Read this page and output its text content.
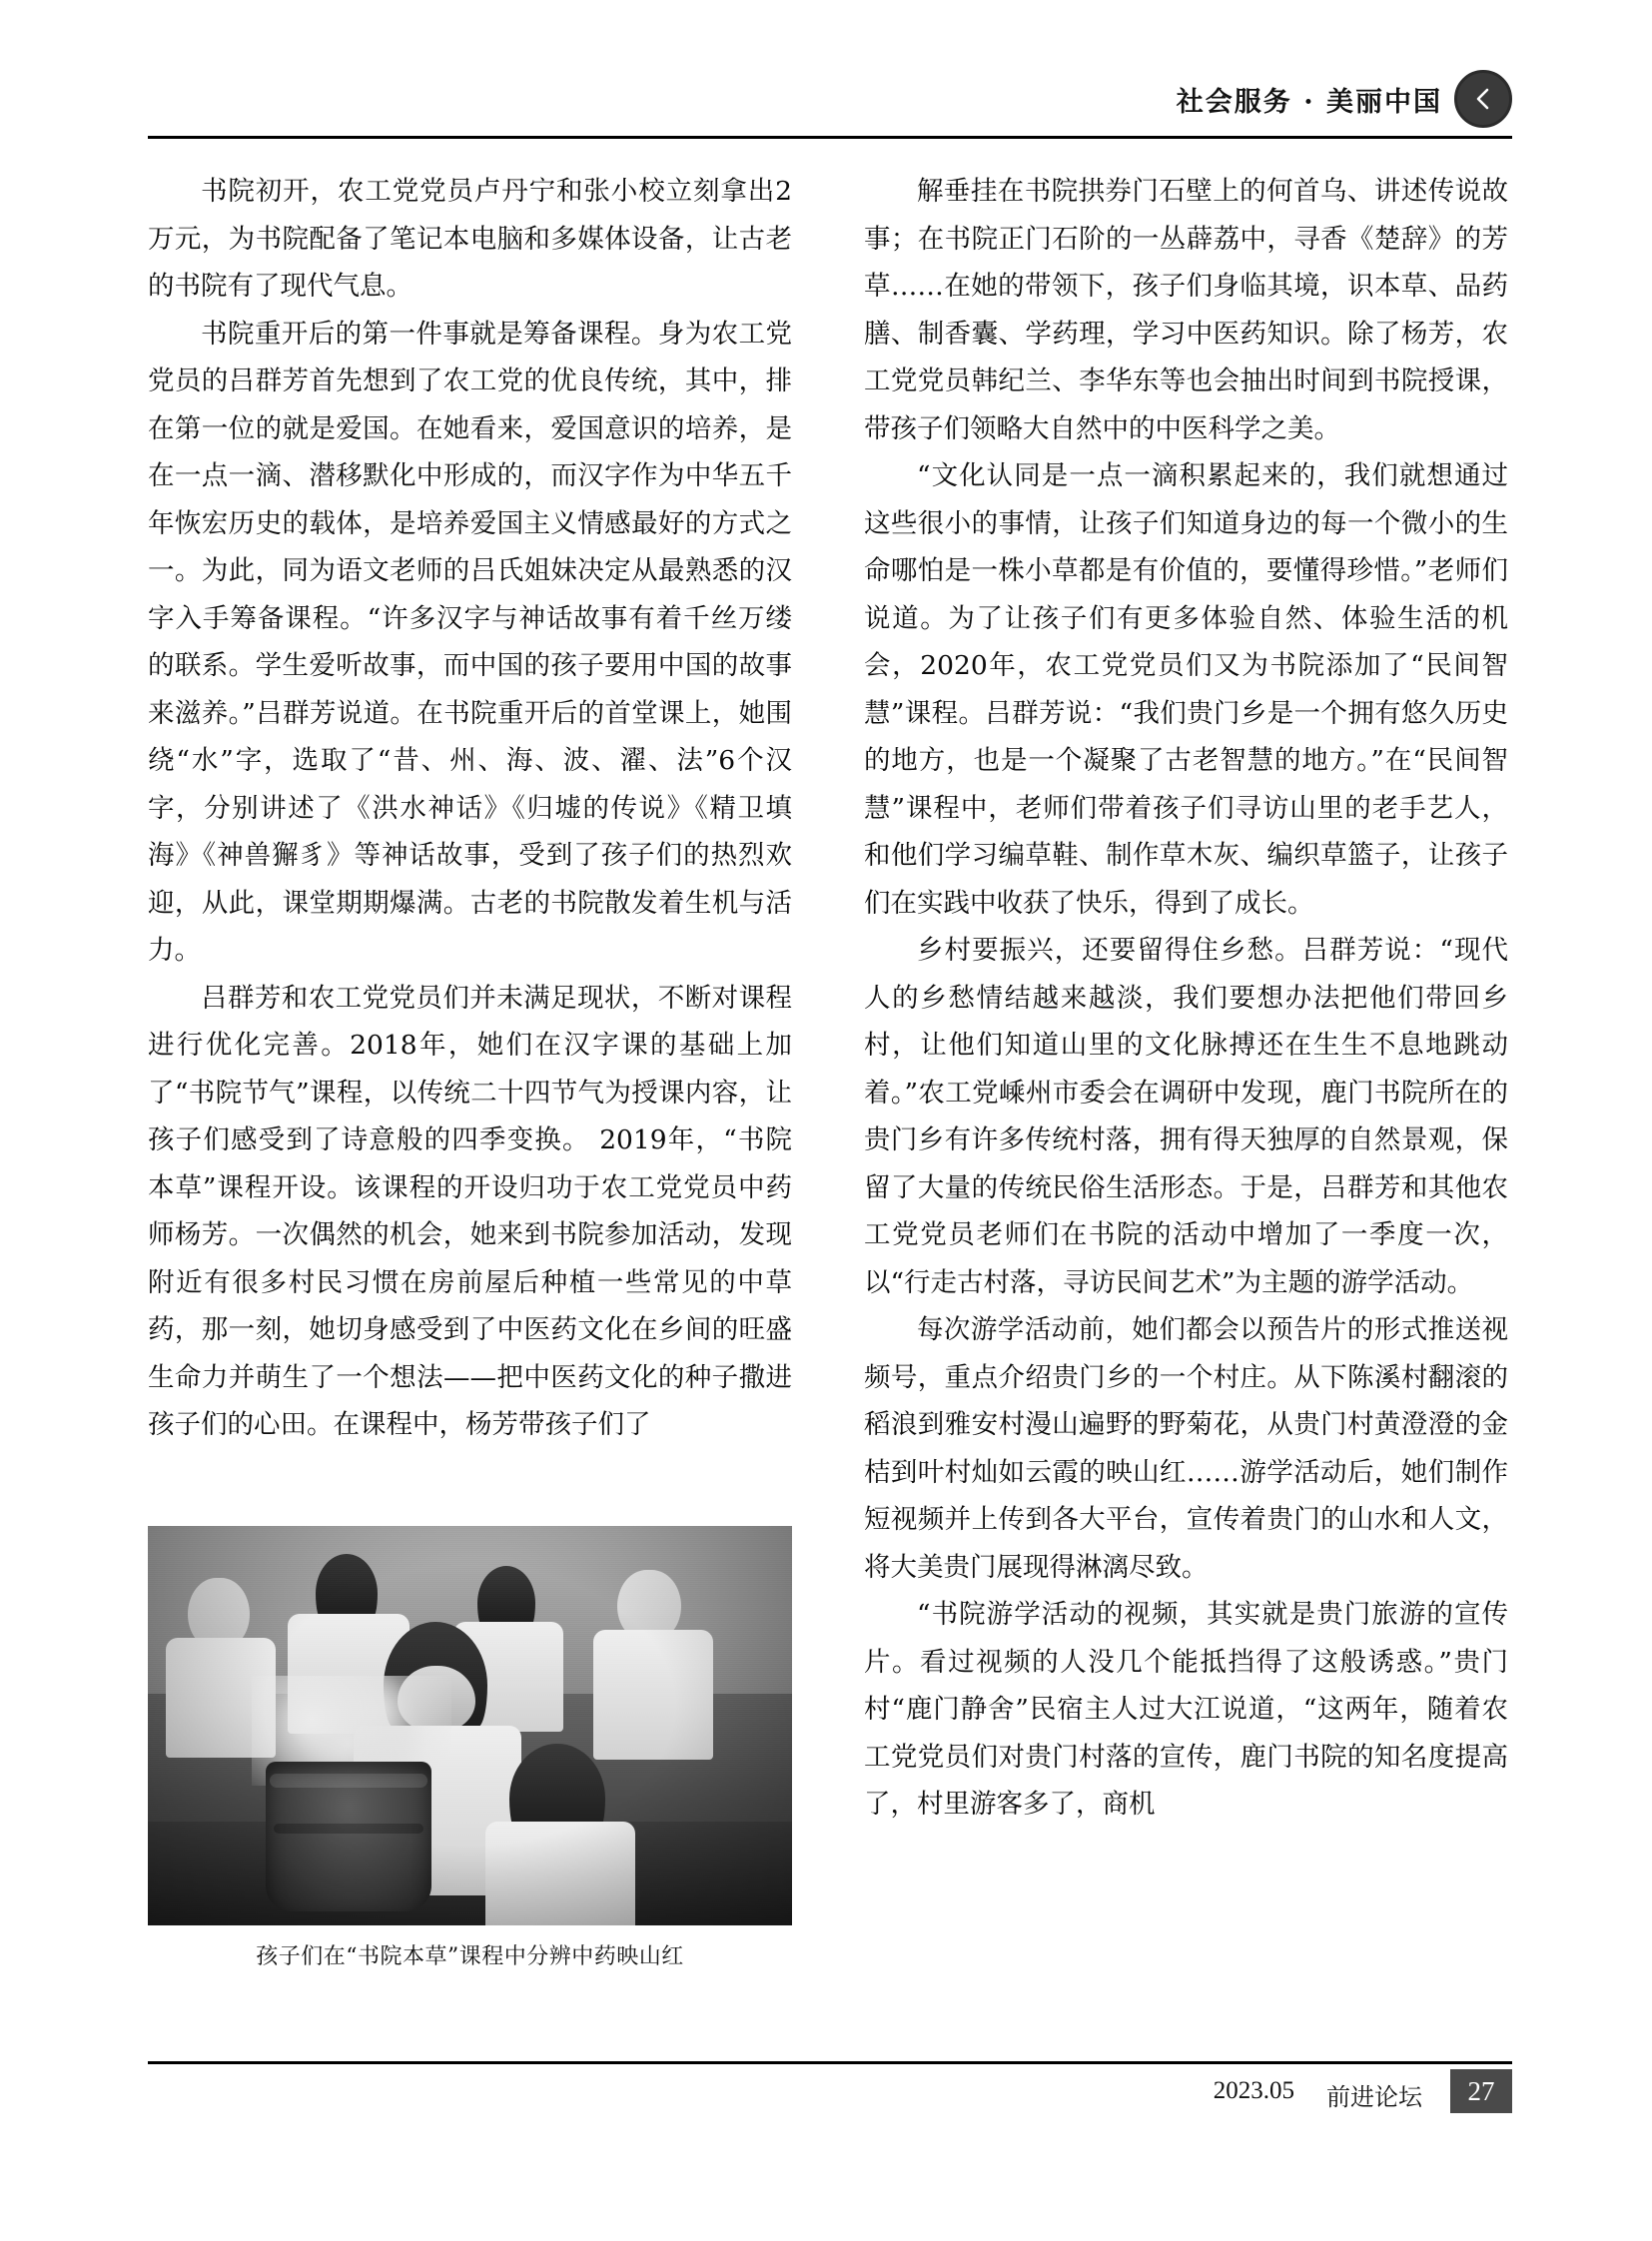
社会服务 · 美丽中国

书院初开，农工党党员卢丹宁和张小校立刻拿出2万元，为书院配备了笔记本电脑和多媒体设备，让古老的书院有了现代气息。

书院重开后的第一件事就是筹备课程。身为农工党党员的吕群芳首先想到了农工党的优良传统，其中，排在第一位的就是爱国。在她看来，爱国意识的培养，是在一点一滴、潜移默化中形成的，而汉字作为中华五千年恢宏历史的载体，是培养爱国主义情感最好的方式之一。为此，同为语文老师的吕氏姐妹决定从最熟悉的汉字入手筹备课程。“许多汉字与神话故事有着千丝万缕的联系。学生爱听故事，而中国的孩子要用中国的故事来滋养。”吕群芳说道。在书院重开后的首堂课上，她围绕“水”字，选取了“昔、州、海、波、濯、法”6个汉字，分别讲述了《洪水神话》《归墟的传说》《精卫填海》《神兽獬豸》等神话故事，受到了孩子们的热烈欢迎，从此，课堂期期爆满。古老的书院散发着生机与活力。

吕群芳和农工党党员们并未满足现状，不断对课程进行优化完善。2018年，她们在汉字课的基础上加了“书院节气”课程，以传统二十四节气为授课内容，让孩子们感受到了诗意般的四季变换。 2019年，“书院本草”课程开设。该课程的开设归功于农工党党员中药师杨芳。一次偶然的机会，她来到书院参加活动，发现附近有很多村民习惯在房前屋后种植一些常见的中草药，那一刻，她切身感受到了中医药文化在乡间的旺盛生命力并萌生了一个想法——把中医药文化的种子撒进孩子们的心田。在课程中，杨芳带孩子们了

孩子们在“书院本草”课程中分辨中药映山红

解垂挂在书院拱券门石壁上的何首乌、讲述传说故事；在书院正门石阶的一丛薜荔中，寻香《楚辞》的芳草……在她的带领下，孩子们身临其境，识本草、品药膳、制香囊、学药理，学习中医药知识。除了杨芳，农工党党员韩纪兰、李华东等也会抽出时间到书院授课，带孩子们领略大自然中的中医科学之美。

“文化认同是一点一滴积累起来的，我们就想通过这些很小的事情，让孩子们知道身边的每一个微小的生命哪怕是一株小草都是有价值的，要懂得珍惜。”老师们说道。为了让孩子们有更多体验自然、体验生活的机会，2020年，农工党党员们又为书院添加了“民间智慧”课程。吕群芳说：“我们贵门乡是一个拥有悠久历史的地方，也是一个凝聚了古老智慧的地方。”在“民间智慧”课程中，老师们带着孩子们寻访山里的老手艺人，和他们学习编草鞋、制作草木灰、编织草篮子，让孩子们在实践中收获了快乐，得到了成长。

乡村要振兴，还要留得住乡愁。吕群芳说：“现代人的乡愁情结越来越淡，我们要想办法把他们带回乡村，让他们知道山里的文化脉搏还在生生不息地跳动着。”农工党嵊州市委会在调研中发现，鹿门书院所在的贵门乡有许多传统村落，拥有得天独厚的自然景观，保留了大量的传统民俗生活形态。于是，吕群芳和其他农工党党员老师们在书院的活动中增加了一季度一次，以“行走古村落，寻访民间艺术”为主题的游学活动。

每次游学活动前，她们都会以预告片的形式推送视频号，重点介绍贵门乡的一个村庄。从下陈溪村翻滚的稻浪到雅安村漫山遍野的野菊花，从贵门村黄澄澄的金桔到叶村灿如云霞的映山红……游学活动后，她们制作短视频并上传到各大平台，宣传着贵门的山水和人文，将大美贵门展现得淋漓尽致。

“书院游学活动的视频，其实就是贵门旅游的宣传片。看过视频的人没几个能抵挡得了这般诱惑。”贵门村“鹿门静舍”民宿主人过大江说道，“这两年，随着农工党党员们对贵门村落的宣传，鹿门书院的知名度提高了，村里游客多了，商机

2023.05 前进论坛	27
